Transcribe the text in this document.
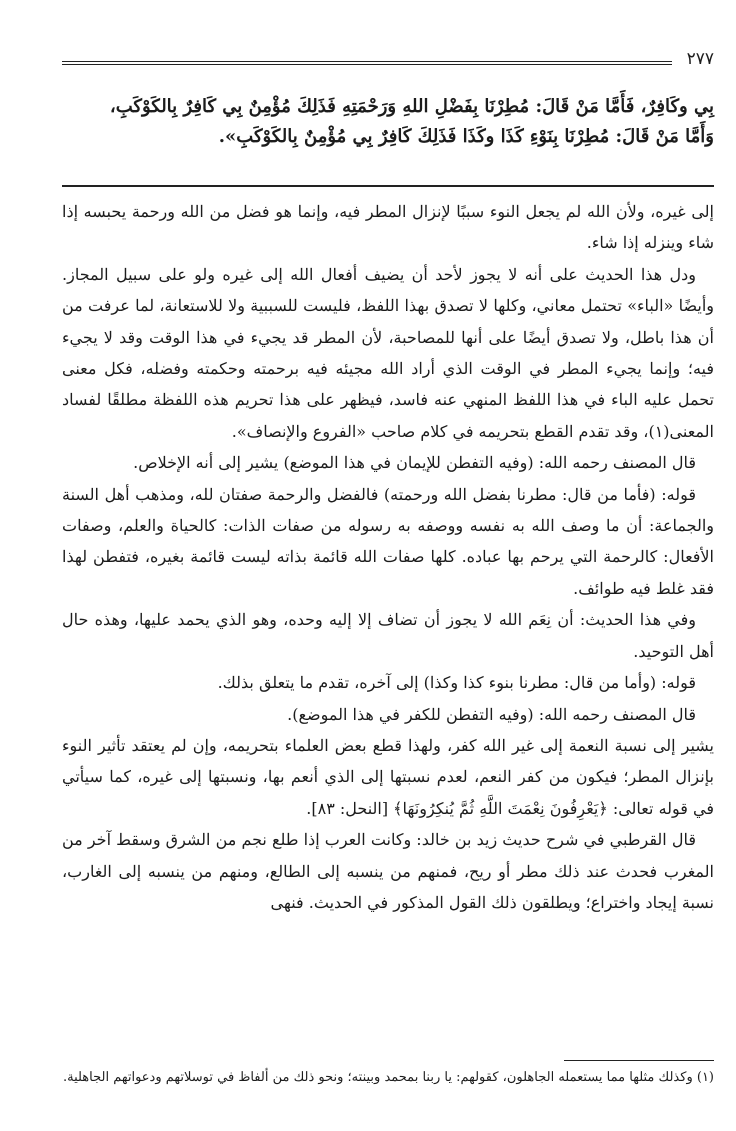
٢٧٧

بِي وكَافِرٌ، فَأَمَّا مَنْ قَالَ: مُطِرْنَا بِفَضْلِ اللهِ وَرَحْمَتِهِ فَذَلِكَ مُؤْمِنٌ بِي كَافِرٌ بِالكَوْكَبِ،

وَأَمَّا مَنْ قَالَ: مُطِرْنَا بِنَوْءِ كَذَا وكَذَا فَذَلِكَ كَافِرٌ بِي مُؤْمِنٌ بِالكَوْكَبِ».

إلى غيره، ولأن الله لم يجعل النوء سببًا لإنزال المطر فيه، وإنما هو فضل من الله ورحمة يحبسه إذا شاء وينزله إذا شاء.

ودل هذا الحديث على أنه لا يجوز لأحد أن يضيف أفعال الله إلى غيره ولو على سبيل المجاز. وأيضًا «الباء» تحتمل معاني، وكلها لا تصدق بهذا اللفظ، فليست للسببية ولا للاستعانة، لما عرفت من أن هذا باطل، ولا تصدق أيضًا على أنها للمصاحبة، لأن المطر قد يجيء في هذا الوقت وقد لا يجيء فيه؛ وإنما يجيء المطر في الوقت الذي أراد الله مجيئه فيه برحمته وحكمته وفضله، فكل معنى تحمل عليه الباء في هذا اللفظ المنهي عنه فاسد، فيظهر على هذا تحريم هذه اللفظة مطلقًا لفساد المعنى(١)، وقد تقدم القطع بتحريمه في كلام صاحب «الفروع والإنصاف».

قال المصنف رحمه الله: (وفيه التفطن للإيمان في هذا الموضع) يشير إلى أنه الإخلاص.

قوله: (فأما من قال: مطرنا بفضل الله ورحمته) فالفضل والرحمة صفتان لله، ومذهب أهل السنة والجماعة: أن ما وصف الله به نفسه ووصفه به رسوله من صفات الذات: كالحياة والعلم، وصفات الأفعال: كالرحمة التي يرحم بها عباده. كلها صفات الله قائمة بذاته ليست قائمة بغيره، فتفطن لهذا فقد غلط فيه طوائف.

وفي هذا الحديث: أن نِعَم الله لا يجوز أن تضاف إلا إليه وحده، وهو الذي يحمد عليها، وهذه حال أهل التوحيد.

قوله: (وأما من قال: مطرنا بنوء كذا وكذا) إلى آخره، تقدم ما يتعلق بذلك.

قال المصنف رحمه الله: (وفيه التفطن للكفر في هذا الموضع).

يشير إلى نسبة النعمة إلى غير الله كفر، ولهذا قطع بعض العلماء بتحريمه، وإن لم يعتقد تأثير النوء بإنزال المطر؛ فيكون من كفر النعم، لعدم نسبتها إلى الذي أنعم بها، ونسبتها إلى غيره، كما سيأتي في قوله تعالى: ﴿يَعْرِفُونَ نِعْمَتَ اللَّهِ ثُمَّ يُنكِرُونَهَا﴾ [النحل: ٨٣].

قال القرطبي في شرح حديث زيد بن خالد: وكانت العرب إذا طلع نجم من الشرق وسقط آخر من المغرب فحدث عند ذلك مطر أو ريح، فمنهم من ينسبه إلى الطالع، ومنهم من ينسبه إلى الغارب، نسبة إيجاد واختراع؛ ويطلقون ذلك القول المذكور في الحديث. فنهى

(١) وكذلك مثلها مما يستعمله الجاهلون، كقولهم: يا ربنا بمحمد وبينته؛ ونحو ذلك من ألفاظ في توسلاتهم ودعواتهم الجاهلية.
